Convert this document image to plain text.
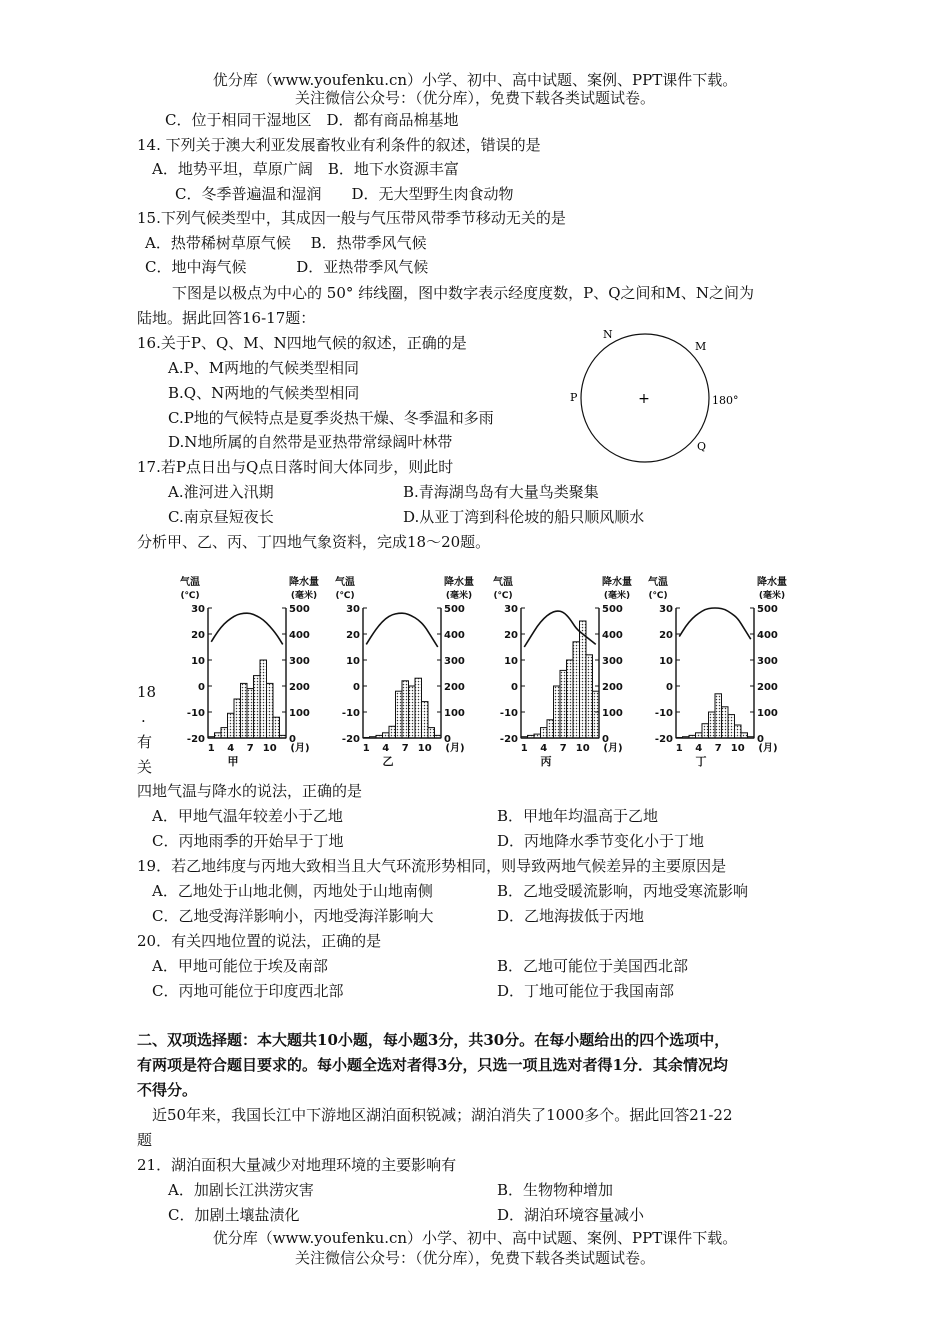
优分库（www.youfenku.cn）小学、初中、高中试题、案例、PPT课件下载。
关注微信公众号：（优分库），免费下载各类试题试卷。
C．位于相同干湿地区　D．都有商品棉基地
14. 下列关于澳大利亚发展畜牧业有利条件的叙述，错误的是
A．地势平坦，草原广阔　B．地下水资源丰富
C．冬季普遍温和湿润　　D．无大型野生肉食动物
15.下列气候类型中，其成因一般与气压带风带季节移动无关的是
A．热带稀树草原气候　 B．热带季风气候
C．地中海气候　　　 D．亚热带季风气候
下图是以极点为中心的 50° 纬线圈，图中数字表示经度度数，P、Q之间和M、N之间为
陆地。据此回答16-17题：
16.关于P、Q、M、N四地气候的叙述，正确的是
A.P、M两地的气候类型相同
B.Q、N两地的气候类型相同
C.P地的气候特点是夏季炎热干燥、冬季温和多雨
D.N地所属的自然带是亚热带常绿阔叶林带
+
N
M
P
Q
180°
17.若P点日出与Q点日落时间大体同步，则此时
A.淮河进入汛期	B.青海湖鸟岛有大量鸟类聚集
C.南京昼短夜长	D.从亚丁湾到科伦坡的船只顺风顺水
分析甲、乙、丙、丁四地气象资料，完成18～20题。
气温
(℃)
降水量
(毫米)
30
20
10
0
-10
-20
500
400
300
200
100
0
1 4 7 10 (月)
甲
气温
(℃)
降水量
(毫米)
30
20
10
0
-10
-20
500
400
300
200
100
0
1 4 7 10 (月)
乙
气温
(℃)
降水量
(毫米)
30
20
10
0
-10
-20
500
400
300
200
100
0
1 4 7 10 (月)
丙
气温
(℃)
降水量
(毫米)
30
20
10
0
-10
-20
500
400
300
200
100
0
1 4 7 10 (月)
丁
18
.
有
关
四地气温与降水的说法，正确的是
A．甲地气温年较差小于乙地	B．甲地年均温高于乙地
C．丙地雨季的开始早于丁地	D．丙地降水季节变化小于丁地
19．若乙地纬度与丙地大致相当且大气环流形势相同，则导致两地气候差异的主要原因是
A．乙地处于山地北侧，丙地处于山地南侧	B．乙地受暖流影响，丙地受寒流影响
C．乙地受海洋影响小，丙地受海洋影响大	D．乙地海拔低于丙地
20．有关四地位置的说法，正确的是
A．甲地可能位于埃及南部	B．乙地可能位于美国西北部
C．丙地可能位于印度西北部	D．丁地可能位于我国南部
二、双项选择题：本大题共10小题，每小题3分，共30分。在每小题给出的四个选项中，
有两项是符合题目要求的。每小题全选对者得3分，只选一项且选对者得1分．其余情况均
不得分。
近50年来，我国长江中下游地区湖泊面积锐减；湖泊消失了1000多个。据此回答21-22
题
21．湖泊面积大量减少对地理环境的主要影响有
A．加剧长江洪涝灾害	B．生物物种增加
C．加剧土壤盐渍化	D．湖泊环境容量减小
优分库（www.youfenku.cn）小学、初中、高中试题、案例、PPT课件下载。
关注微信公众号：（优分库），免费下载各类试题试卷。
